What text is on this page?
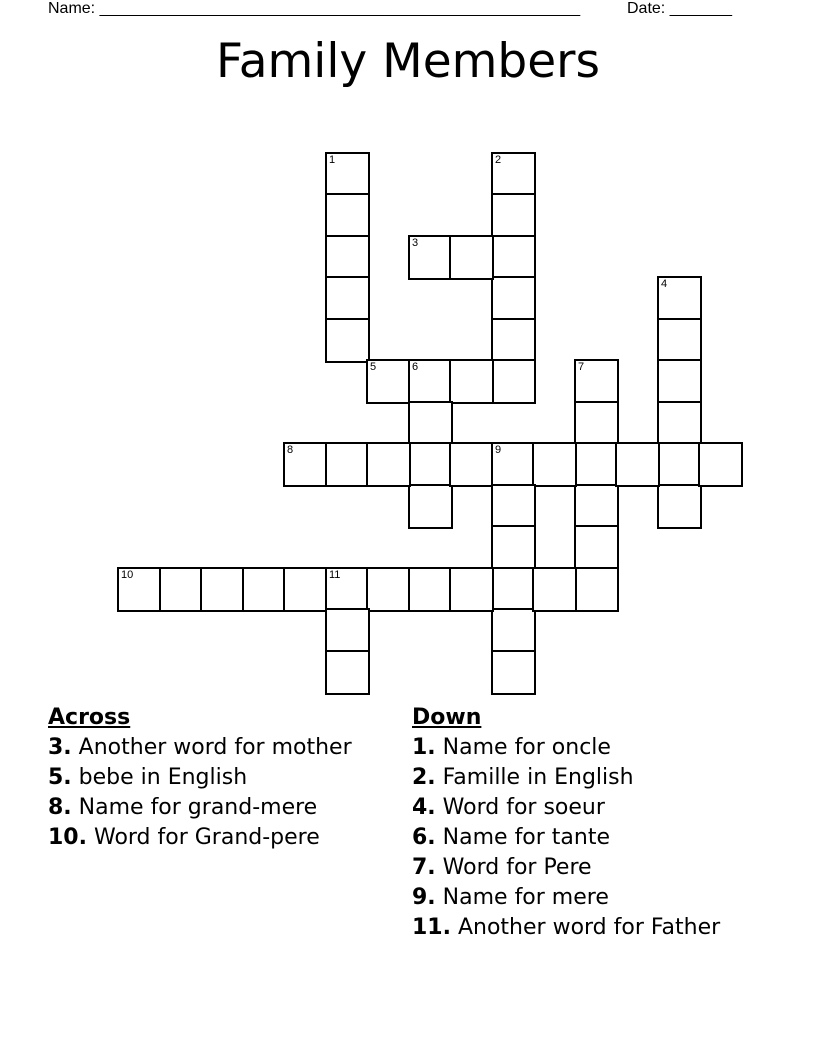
Name: ______________________________________________________	Date: _______
Family Members
1	2
3
4
5	6	7
8	9
10	11
Across
3. Another word for mother
5. bebe in English
8. Name for grand-mere
10. Word for Grand-pere
Down
1. Name for oncle
2. Famille in English
4. Word for soeur
6. Name for tante
7. Word for Pere
9. Name for mere
11. Another word for Father
